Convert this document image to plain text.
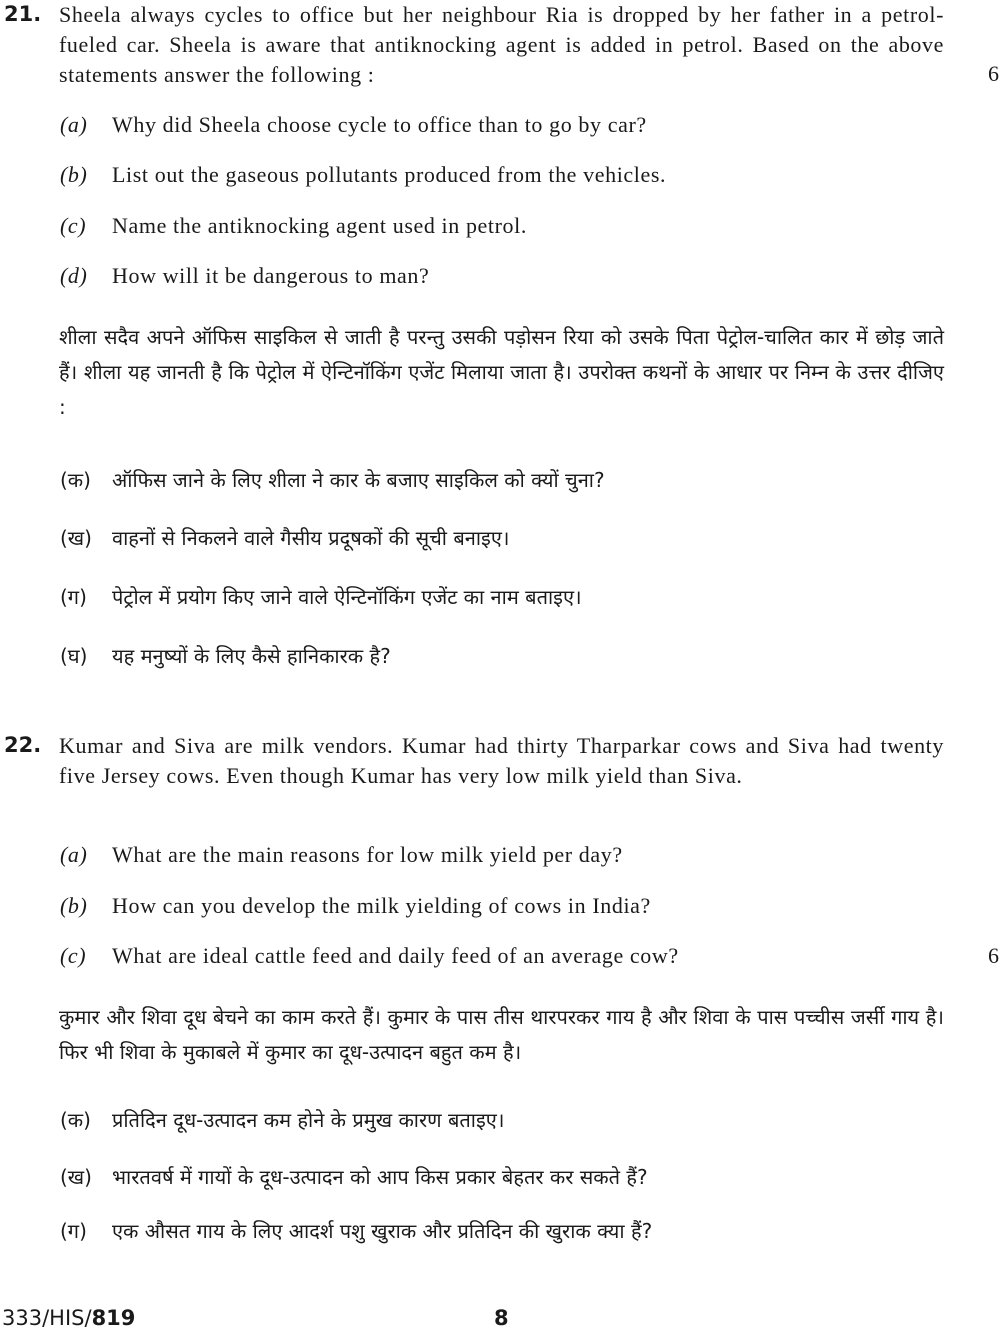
21. Sheela always cycles to office but her neighbour Ria is dropped by her father in a petrol-fueled car. Sheela is aware that antiknocking agent is added in petrol. Based on the above statements answer the following :	6
(a) Why did Sheela choose cycle to office than to go by car?
(b) List out the gaseous pollutants produced from the vehicles.
(c) Name the antiknocking agent used in petrol.
(d) How will it be dangerous to man?
शीला सदैव अपने ऑफिस साइकिल से जाती है परन्तु उसकी पड़ोसन रिया को उसके पिता पेट्रोल-चालित कार में छोड़ जाते हैं। शीला यह जानती है कि पेट्रोल में ऐन्टिनॉकिंग एजेंट मिलाया जाता है। उपरोक्त कथनों के आधार पर निम्न के उत्तर दीजिए :
(क) ऑफिस जाने के लिए शीला ने कार के बजाए साइकिल को क्यों चुना?
(ख) वाहनों से निकलने वाले गैसीय प्रदूषकों की सूची बनाइए।
(ग) पेट्रोल में प्रयोग किए जाने वाले ऐन्टिनॉकिंग एजेंट का नाम बताइए।
(घ) यह मनुष्यों के लिए कैसे हानिकारक है?
22. Kumar and Siva are milk vendors. Kumar had thirty Tharparkar cows and Siva had twenty five Jersey cows. Even though Kumar has very low milk yield than Siva.
(a) What are the main reasons for low milk yield per day?
(b) How can you develop the milk yielding of cows in India?
(c) What are ideal cattle feed and daily feed of an average cow?	6
कुमार और शिवा दूध बेचने का काम करते हैं। कुमार के पास तीस थारपरकर गाय है और शिवा के पास पच्चीस जर्सी गाय है। फिर भी शिवा के मुकाबले में कुमार का दूध-उत्पादन बहुत कम है।
(क) प्रतिदिन दूध-उत्पादन कम होने के प्रमुख कारण बताइए।
(ख) भारतवर्ष में गायों के दूध-उत्पादन को आप किस प्रकार बेहतर कर सकते हैं?
(ग) एक औसत गाय के लिए आदर्श पशु खुराक और प्रतिदिन की खुराक क्या हैं?
333/HIS/819	8
